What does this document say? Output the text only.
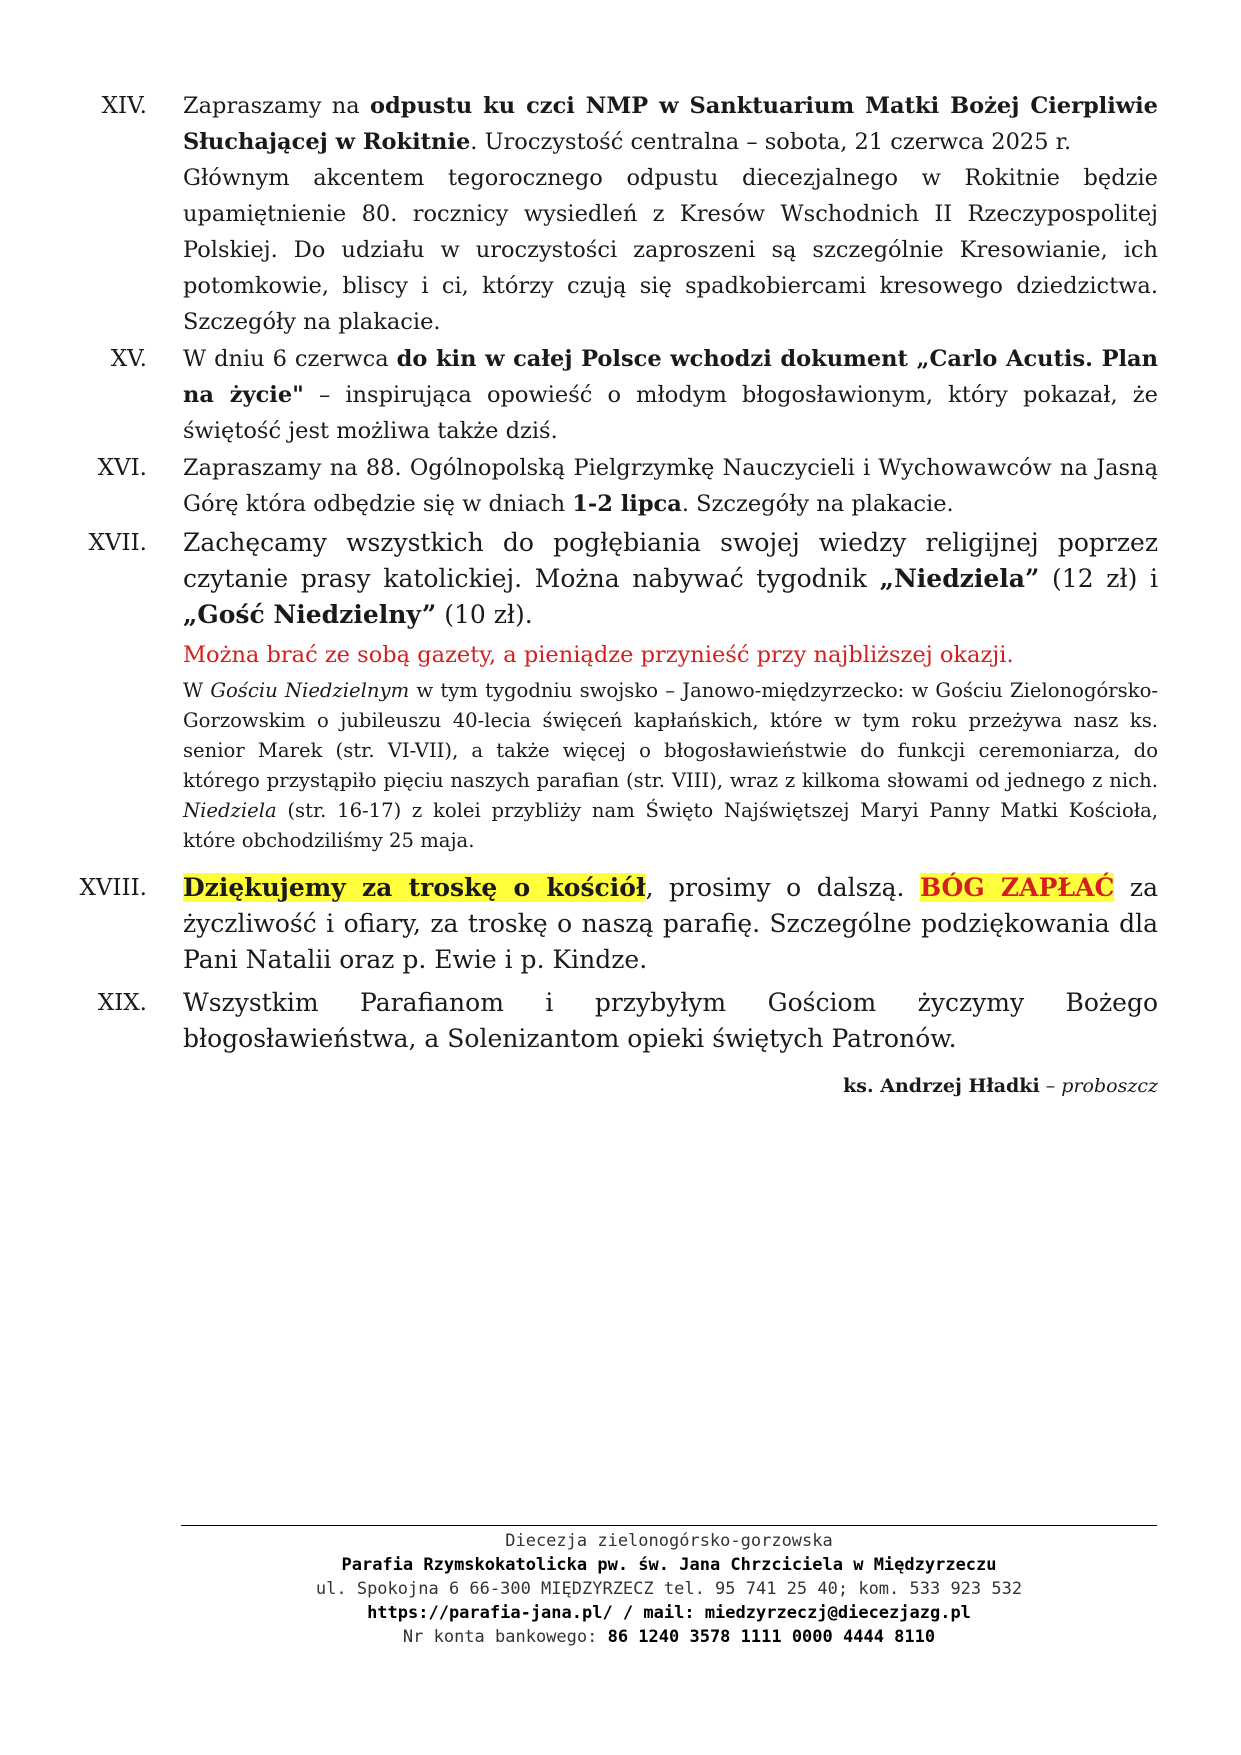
XIV. Zapraszamy na odpustu ku czci NMP w Sanktuarium Matki Bożej Cierpliwie Słuchającej w Rokitnie. Uroczystość centralna – sobota, 21 czerwca 2025 r.

Głównym akcentem tegorocznego odpustu diecezjalnego w Rokitnie będzie upamiętnienie 80. rocznicy wysiedleń z Kresów Wschodnich II Rzeczypospolitej Polskiej. Do udziału w uroczystości zaproszeni są szczególnie Kresowianie, ich potomkowie, bliscy i ci, którzy czują się spadkobiercami kresowego dziedzictwa. Szczegóły na plakacie.

XV. W dniu 6 czerwca do kin w całej Polsce wchodzi dokument „Carlo Acutis. Plan na życie" – inspirująca opowieść o młodym błogosławionym, który pokazał, że świętość jest możliwa także dziś.

XVI. Zapraszamy na 88. Ogólnopolską Pielgrzymkę Nauczycieli i Wychowawców na Jasną Górę która odbędzie się w dniach 1-2 lipca. Szczegóły na plakacie.

XVII. Zachęcamy wszystkich do pogłębiania swojej wiedzy religijnej poprzez czytanie prasy katolickiej. Można nabywać tygodnik „Niedziela” (12 zł) i „Gość Niedzielny” (10 zł).

Można brać ze sobą gazety, a pieniądze przynieść przy najbliższej okazji.

W Gościu Niedzielnym w tym tygodniu swojsko – Janowo-międzyrzecko: w Gościu Zielonogórsko-Gorzowskim o jubileuszu 40-lecia święceń kapłańskich, które w tym roku przeżywa nasz ks. senior Marek (str. VI-VII), a także więcej o błogosławieństwie do funkcji ceremoniarza, do którego przystąpiło pięciu naszych parafian (str. VIII), wraz z kilkoma słowami od jednego z nich. Niedziela (str. 16-17) z kolei przybliży nam Święto Najświętszej Maryi Panny Matki Kościoła, które obchodziliśmy 25 maja.

XVIII. Dziękujemy za troskę o kościół, prosimy o dalszą. BÓG ZAPŁAĆ za życzliwość i ofiary, za troskę o naszą parafię. Szczególne podziękowania dla Pani Natalii oraz p. Ewie i p. Kindze.

XIX. Wszystkim Parafianom i przybyłym Gościom życzymy Bożego błogosławieństwa, a Solenizantom opieki świętych Patronów.

ks. Andrzej Hładki – proboszcz
Diecezja zielonogórsko-gorzowska
Parafia Rzymskokatolicka pw. św. Jana Chrzciciela w Międzyrzeczu
ul. Spokojna 6 66-300 MIĘDZYRZECZ tel. 95 741 25 40; kom. 533 923 532
https://parafia-jana.pl/ / mail: miedzyrzeczj@diecezjazg.pl
Nr konta bankowego: 86 1240 3578 1111 0000 4444 8110
